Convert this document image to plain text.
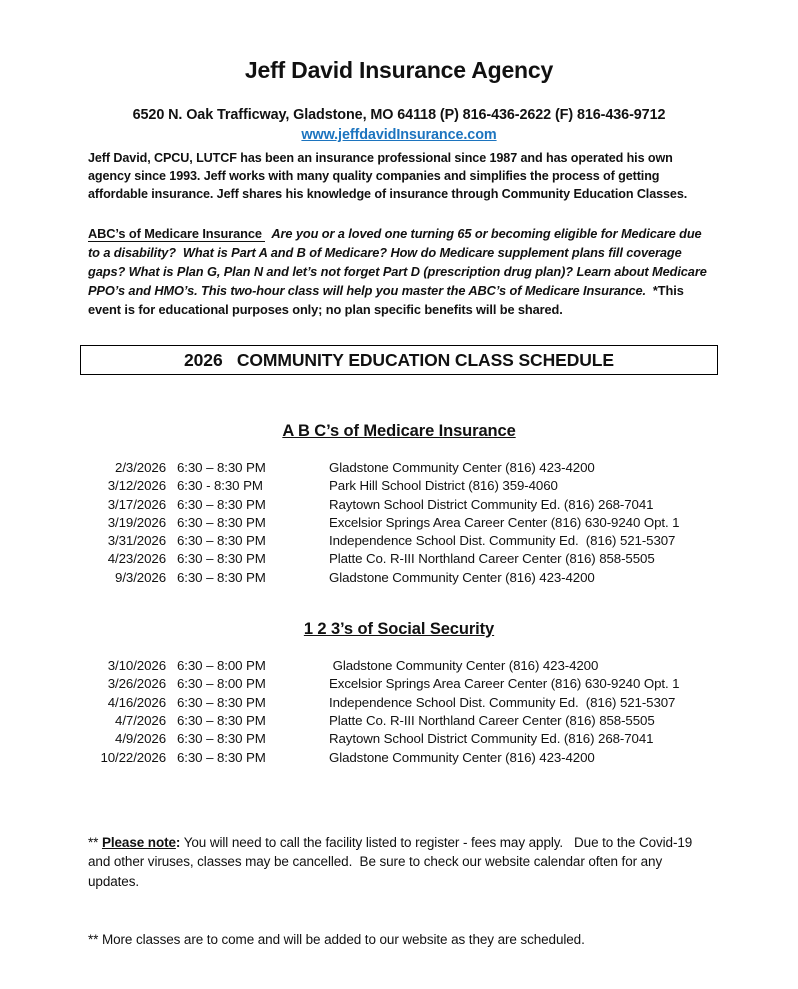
Jeff David Insurance Agency
6520 N. Oak Trafficway, Gladstone, MO 64118 (P) 816-436-2622 (F) 816-436-9712
www.jeffdavidInsurance.com

Jeff David, CPCU, LUTCF has been an insurance professional since 1987 and has operated his own agency since 1993. Jeff works with many quality companies and simplifies the process of getting affordable insurance. Jeff shares his knowledge of insurance through Community Education Classes.

ABC’s of Medicare Insurance  Are you or a loved one turning 65 or becoming eligible for Medicare due to a disability?  What is Part A and B of Medicare? How do Medicare supplement plans fill coverage gaps? What is Plan G, Plan N and let’s not forget Part D (prescription drug plan)? Learn about Medicare PPO’s and HMO’s. This two-hour class will help you master the ABC’s of Medicare Insurance.  *This event is for educational purposes only; no plan specific benefits will be shared.

2026   COMMUNITY EDUCATION CLASS SCHEDULE
A B C’s of Medicare Insurance
2/3/2026 6:30 – 8:30 PM	Gladstone Community Center (816) 423-4200
3/12/2026 6:30 - 8:30 PM	Park Hill School District (816) 359-4060
3/17/2026 6:30 – 8:30 PM	Raytown School District Community Ed. (816) 268-7041
3/19/2026 6:30 – 8:30 PM	Excelsior Springs Area Career Center (816) 630-9240 Opt. 1
3/31/2026 6:30 – 8:30 PM	Independence School Dist. Community Ed.  (816) 521-5307
4/23/2026 6:30 – 8:30 PM	Platte Co. R-III Northland Career Center (816) 858-5505
9/3/2026 6:30 – 8:30 PM	Gladstone Community Center (816) 423-4200
1 2 3’s of Social Security
3/10/2026 6:30 – 8:00 PM	Gladstone Community Center (816) 423-4200
3/26/2026 6:30 – 8:00 PM	Excelsior Springs Area Career Center (816) 630-9240 Opt. 1
4/16/2026 6:30 – 8:30 PM	Independence School Dist. Community Ed.  (816) 521-5307
4/7/2026 6:30 – 8:30 PM	Platte Co. R-III Northland Career Center (816) 858-5505
4/9/2026 6:30 – 8:30 PM	Raytown School District Community Ed. (816) 268-7041
10/22/2026 6:30 – 8:30 PM	Gladstone Community Center (816) 423-4200

** Please note: You will need to call the facility listed to register - fees may apply.   Due to the Covid-19 and other viruses, classes may be cancelled.  Be sure to check our website calendar often for any updates.

** More classes are to come and will be added to our website as they are scheduled.
